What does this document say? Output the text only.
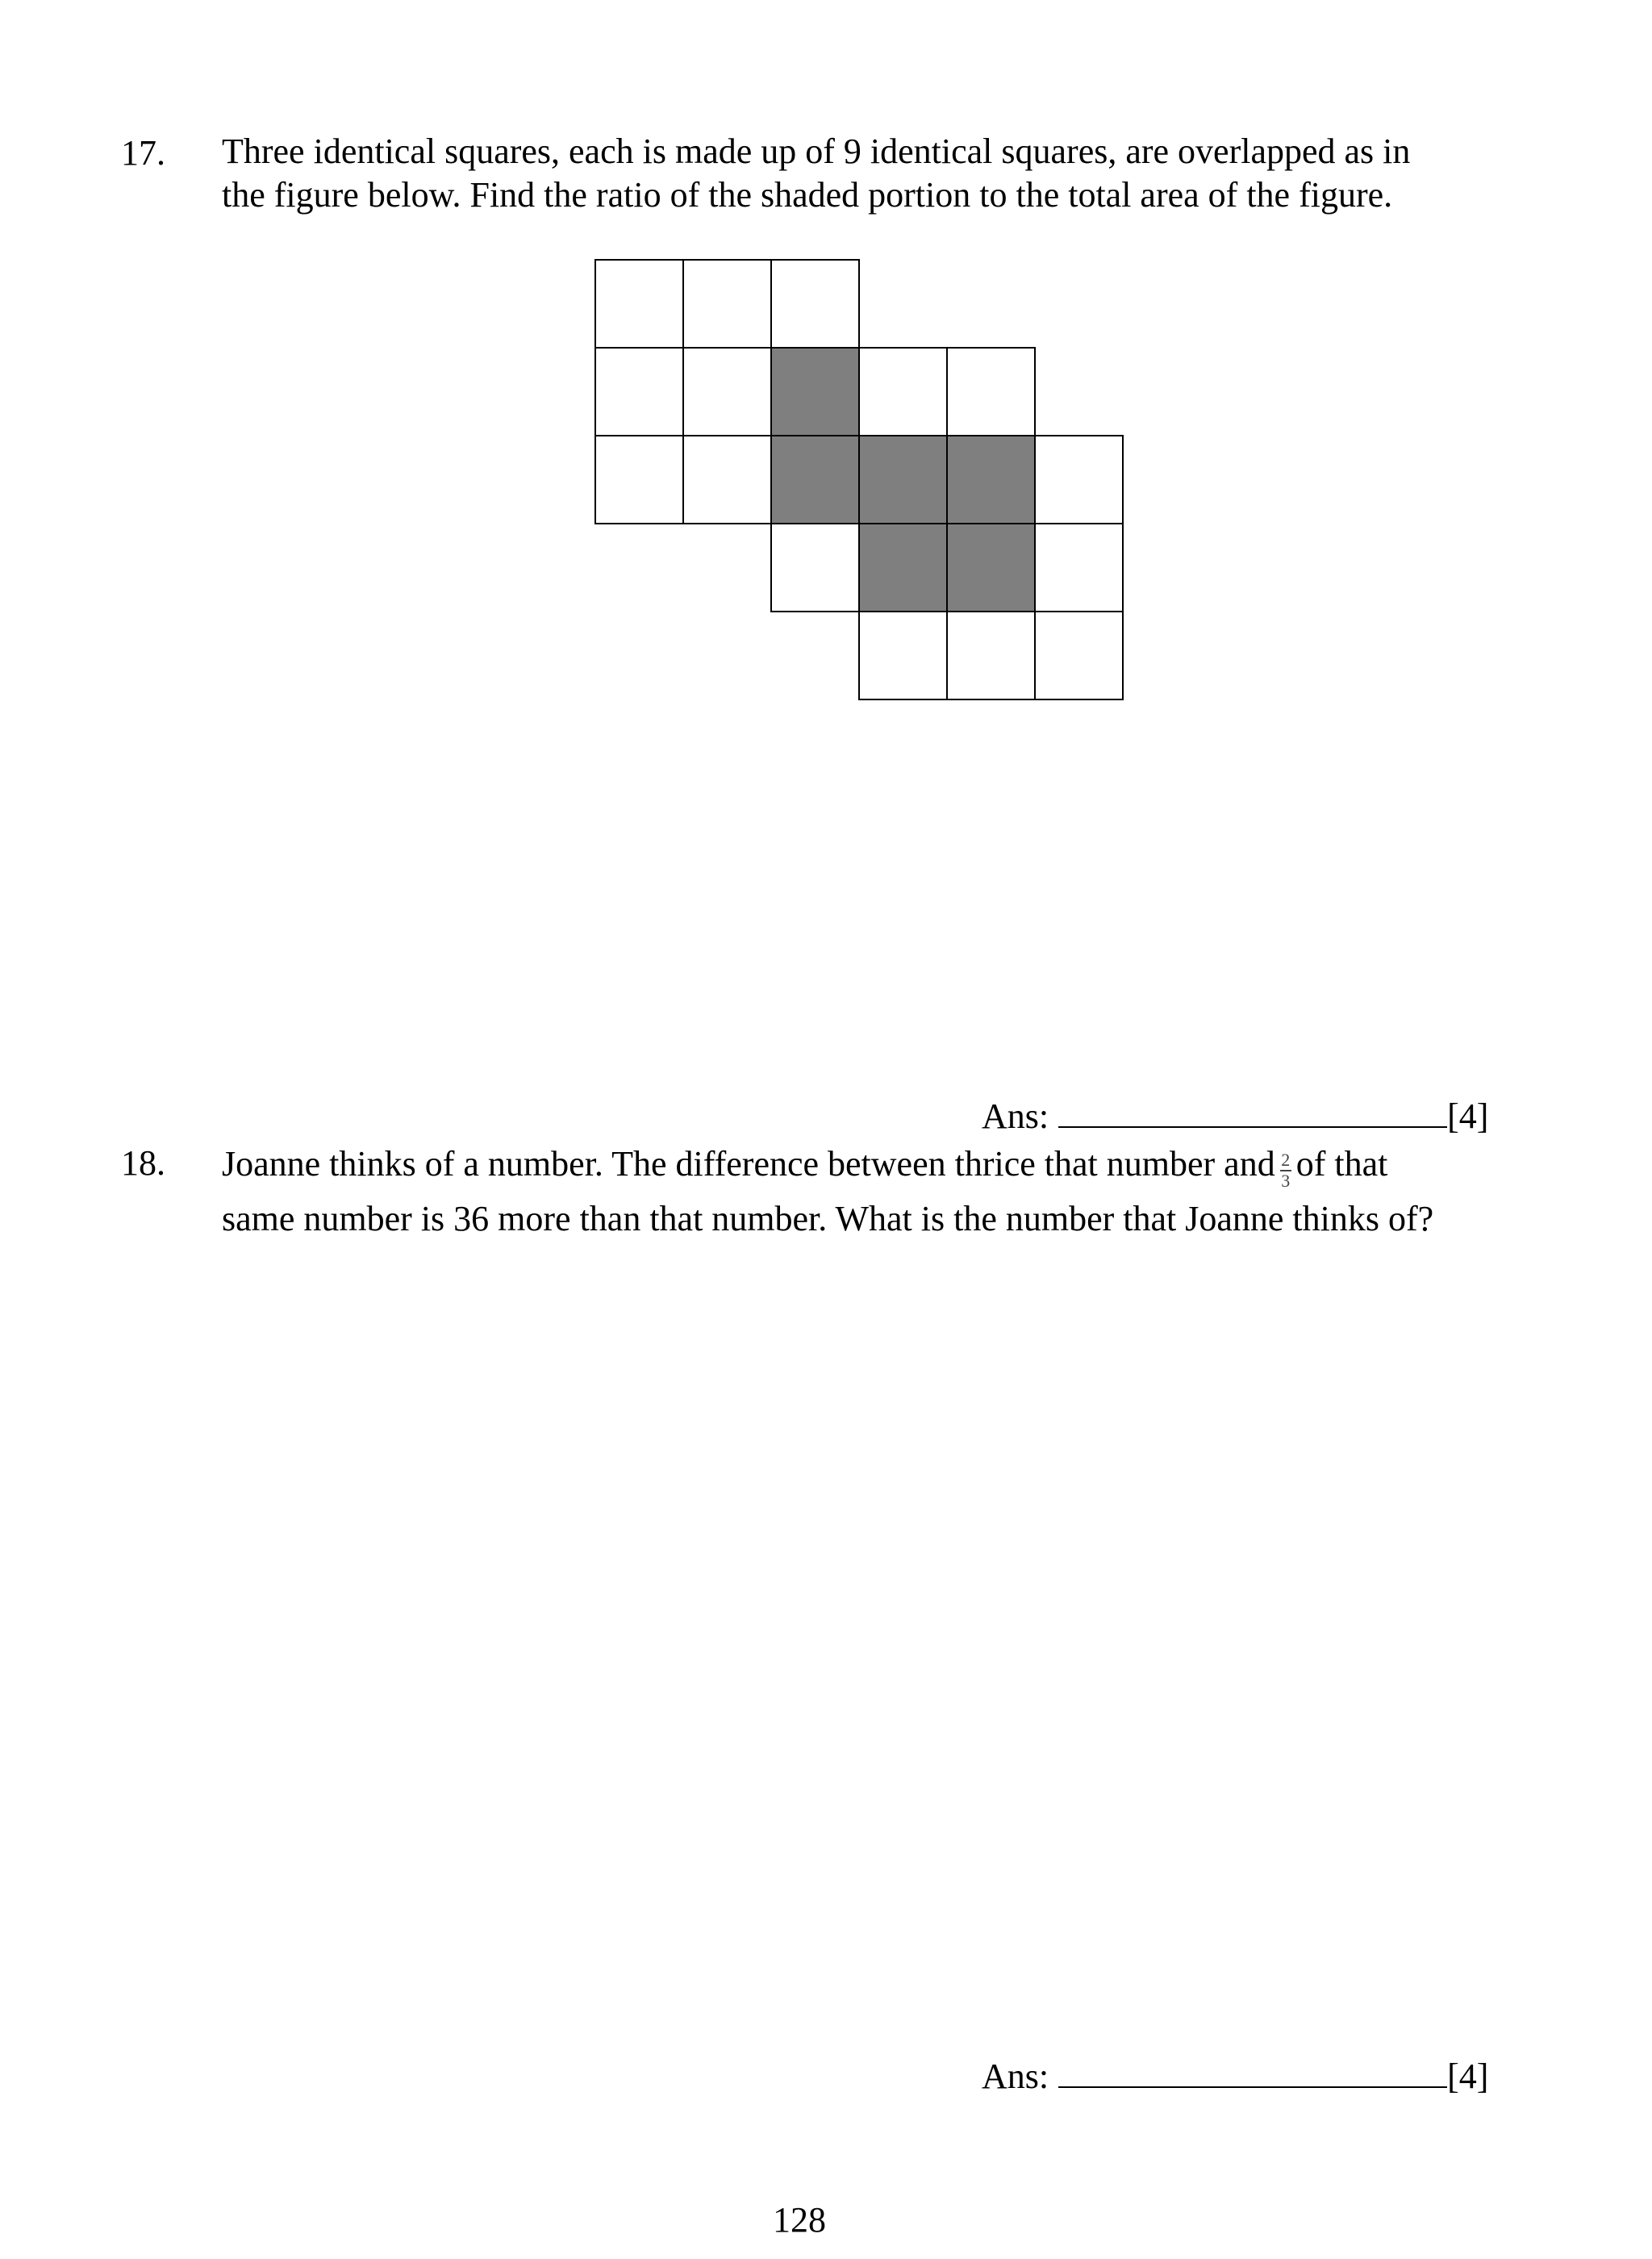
17. Three identical squares, each is made up of 9 identical squares, are overlapped as in
the figure below. Find the ratio of the shaded portion to the total area of the figure.
Ans:	[4]
18. Joanne thinks of a number. The difference between thrice that number and $\frac{2}{3}$ of that
same number is 36 more than that number. What is the number that Joanne thinks of?
Ans:	[4]
128
